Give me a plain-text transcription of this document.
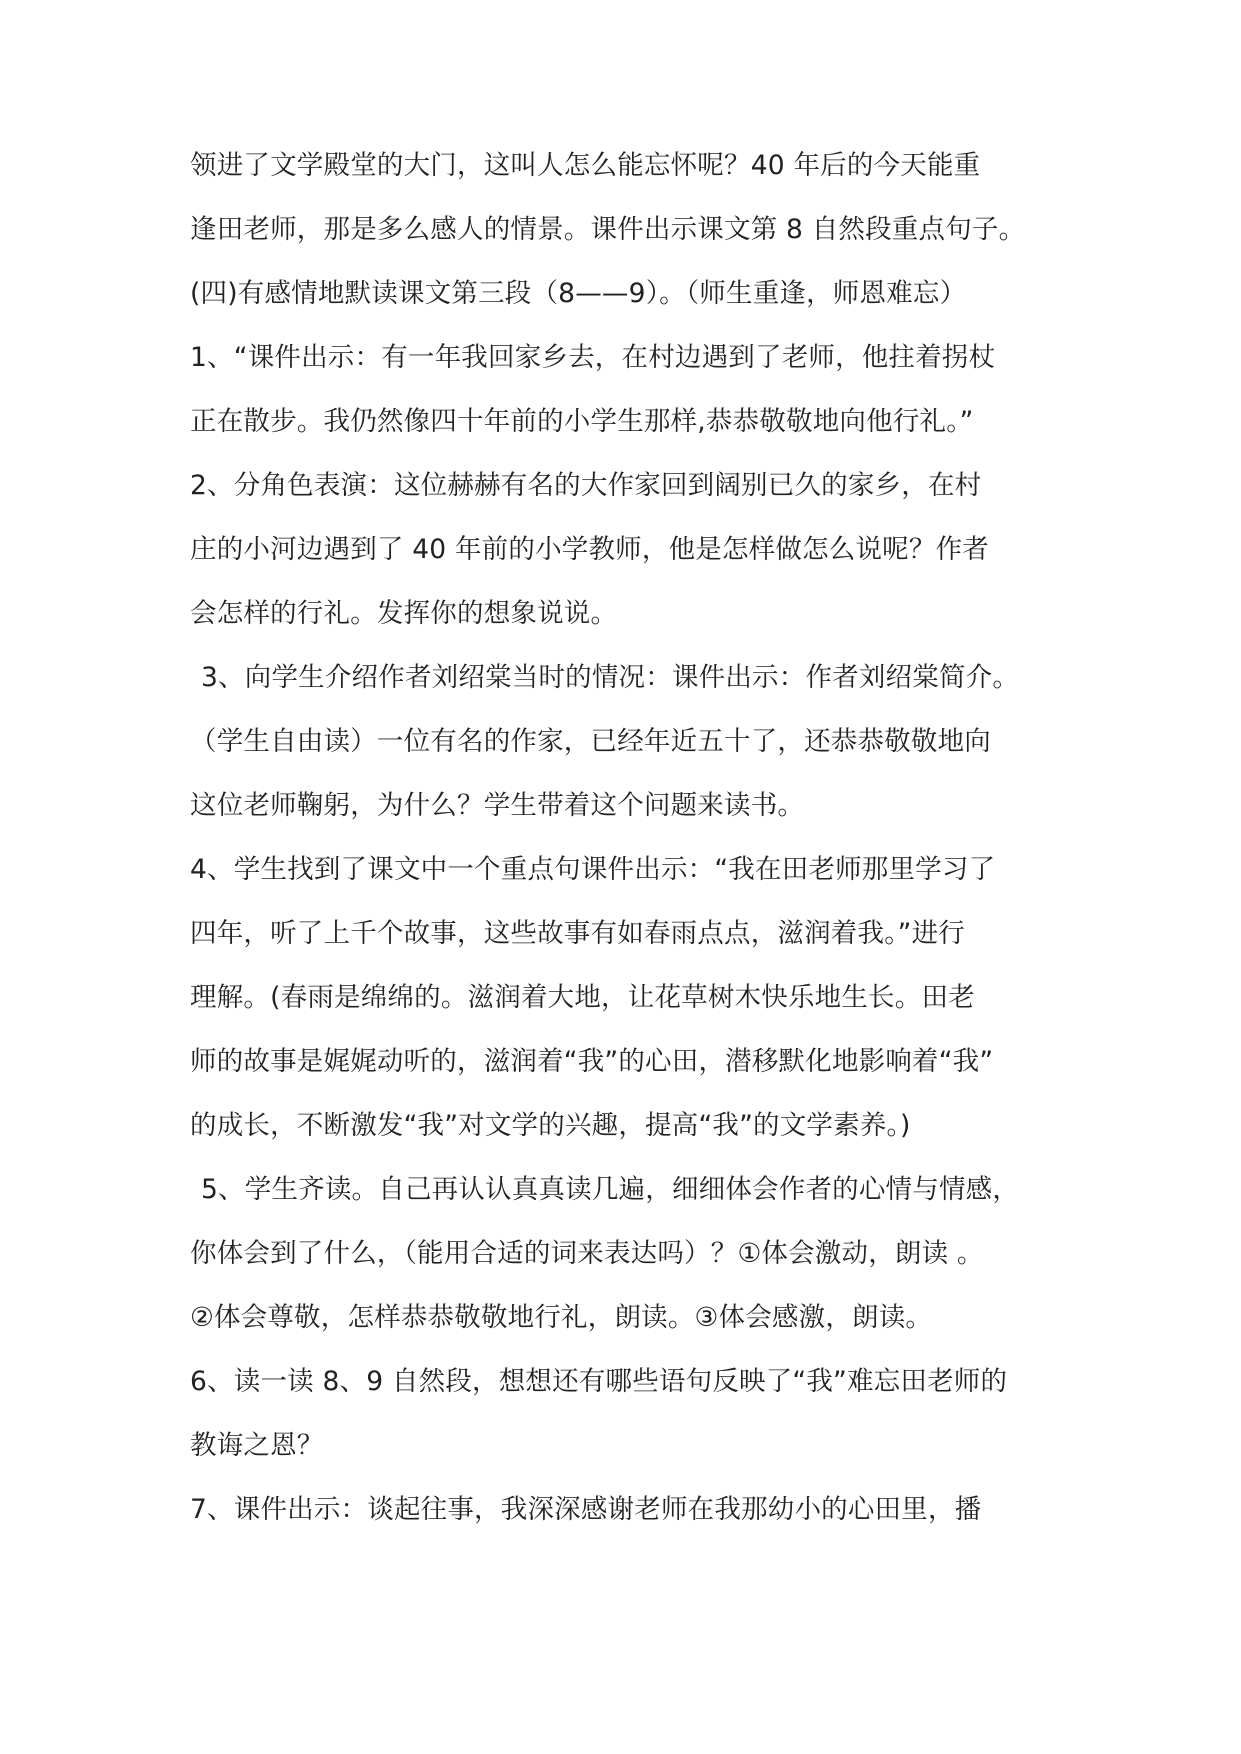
领进了文学殿堂的大门，这叫人怎么能忘怀呢？40 年后的今天能重
逢田老师，那是多么感人的情景。课件出示课文第 8 自然段重点句子。
(四)有感情地默读课文第三段（8——9）。（师生重逢，师恩难忘）
1、“课件出示：有一年我回家乡去，在村边遇到了老师，他拄着拐杖
正在散步。我仍然像四十年前的小学生那样,恭恭敬敬地向他行礼。”
2、分角色表演：这位赫赫有名的大作家回到阔别已久的家乡，在村
庄的小河边遇到了 40 年前的小学教师，他是怎样做怎么说呢？作者
会怎样的行礼。发挥你的想象说说。
3、向学生介绍作者刘绍棠当时的情况：课件出示：作者刘绍棠简介。
（学生自由读）一位有名的作家，已经年近五十了，还恭恭敬敬地向
这位老师鞠躬，为什么？学生带着这个问题来读书。
4、学生找到了课文中一个重点句课件出示：“我在田老师那里学习了
四年，听了上千个故事，这些故事有如春雨点点，滋润着我。”进行
理解。(春雨是绵绵的。滋润着大地，让花草树木快乐地生长。田老
师的故事是娓娓动听的，滋润着“我”的心田，潜移默化地影响着“我”
的成长，不断激发“我”对文学的兴趣，提高“我”的文学素养。)
5、学生齐读。自己再认认真真读几遍，细细体会作者的心情与情感，
你体会到了什么，（能用合适的词来表达吗）？①体会激动，朗读 。
②体会尊敬，怎样恭恭敬敬地行礼，朗读。③体会感激，朗读。
6、读一读 8、9 自然段，想想还有哪些语句反映了“我”难忘田老师的
教诲之恩？
7、课件出示：谈起往事，我深深感谢老师在我那幼小的心田里，播
